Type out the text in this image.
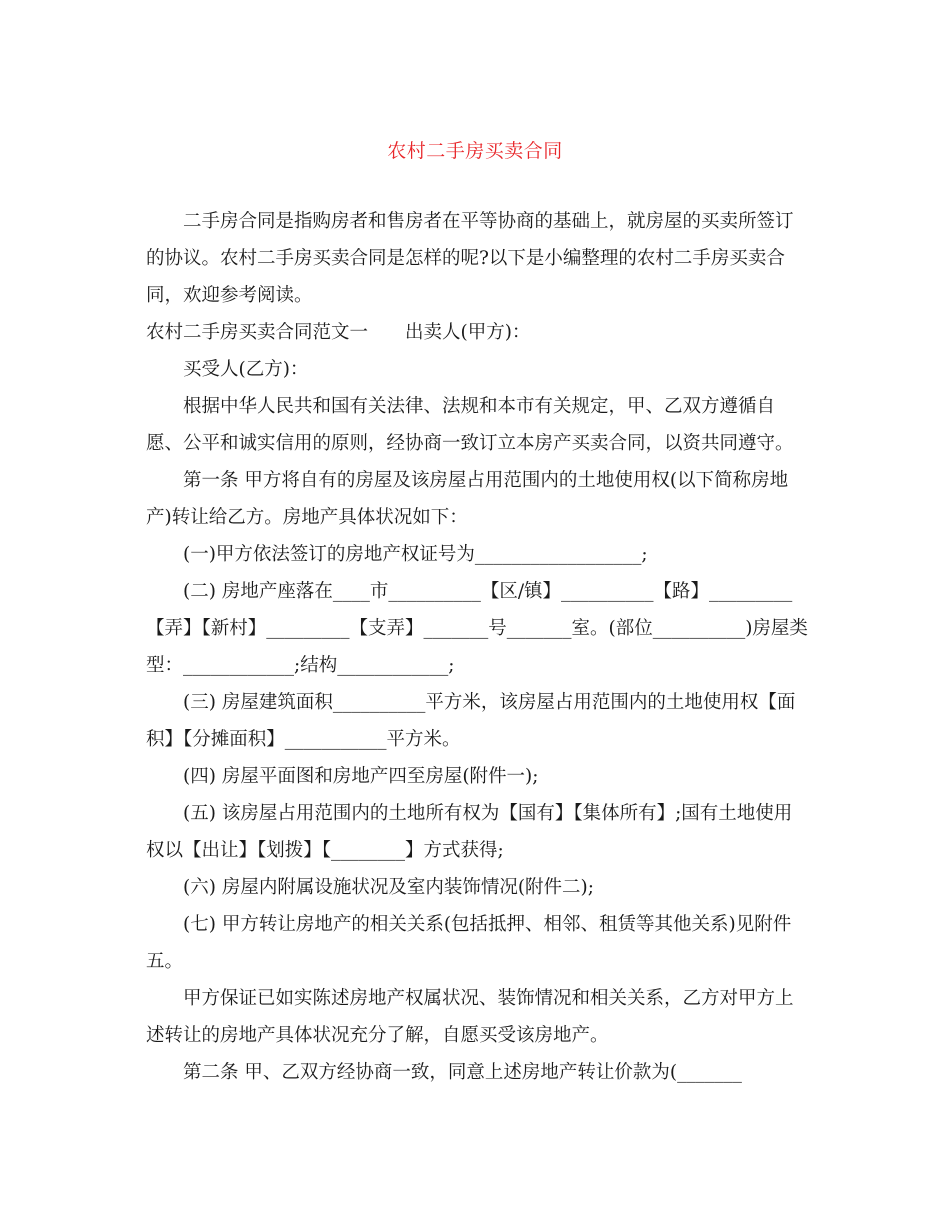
农村二手房买卖合同

二手房合同是指购房者和售房者在平等协商的基础上，就房屋的买卖所签订的协议。农村二手房买卖合同是怎样的呢?以下是小编整理的农村二手房买卖合同，欢迎参考阅读。

农村二手房买卖合同范文一　　出卖人(甲方)：

买受人(乙方)：

根据中华人民共和国有关法律、法规和本市有关规定，甲、乙双方遵循自愿、公平和诚实信用的原则，经协商一致订立本房产买卖合同，以资共同遵守。

第一条 甲方将自有的房屋及该房屋占用范围内的土地使用权(以下简称房地产)转让给乙方。房地产具体状况如下：

(一)甲方依法签订的房地产权证号为__________________;

(二) 房地产座落在____市__________【区/镇】__________【路】_________【弄】【新村】_________【支弄】_______号_______室。(部位__________)房屋类型：____________;结构____________;

(三) 房屋建筑面积__________平方米，该房屋占用范围内的土地使用权【面积】【分摊面积】___________平方米。

(四) 房屋平面图和房地产四至房屋(附件一);

(五) 该房屋占用范围内的土地所有权为【国有】【集体所有】;国有土地使用权以【出让】【划拨】【________】方式获得;

(六) 房屋内附属设施状况及室内装饰情况(附件二);

(七) 甲方转让房地产的相关关系(包括抵押、相邻、租赁等其他关系)见附件五。

甲方保证已如实陈述房地产权属状况、装饰情况和相关关系，乙方对甲方上述转让的房地产具体状况充分了解，自愿买受该房地产。

第二条 甲、乙双方经协商一致，同意上述房地产转让价款为(_______
